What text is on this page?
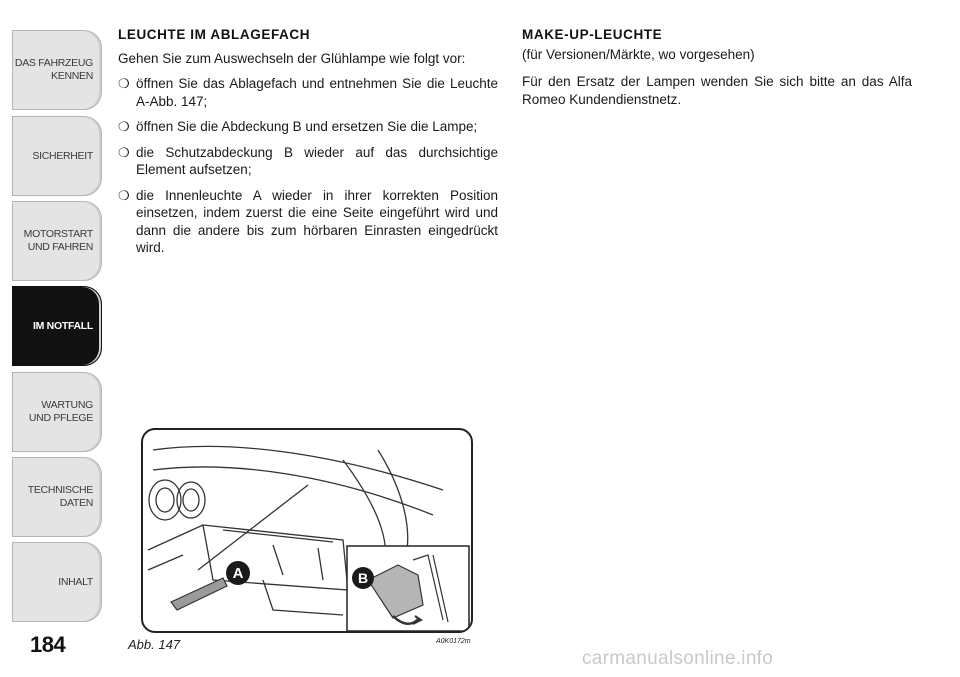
DAS FAHRZEUG
KENNEN
SICHERHEIT
MOTORSTART
UND FAHREN
IM NOTFALL
WARTUNG
UND PFLEGE
TECHNISCHE
DATEN
INHALT
184
LEUCHTE IM ABLAGEFACH

Gehen Sie zum Auswechseln der Glühlampe wie folgt vor:

❍ öffnen Sie das Ablagefach und entnehmen Sie die Leuchte A-Abb. 147;
❍ öffnen Sie die Abdeckung B und ersetzen Sie die Lampe;
❍ die Schutzabdeckung B wieder auf das durchsichtige Element aufsetzen;
❍ die Innenleuchte A wieder in ihrer korrekten Position einsetzen, indem zuerst die eine Seite eingeführt wird und dann die andere bis zum hörbaren Einrasten eingedrückt wird.
MAKE-UP-LEUCHTE
(für Versionen/Märkte, wo vorgesehen)

Für den Ersatz der Lampen wenden Sie sich bitte an das Alfa Romeo Kundendienstnetz.

A	B
Abb. 147	A0K0172m
carmanualsonline.info
